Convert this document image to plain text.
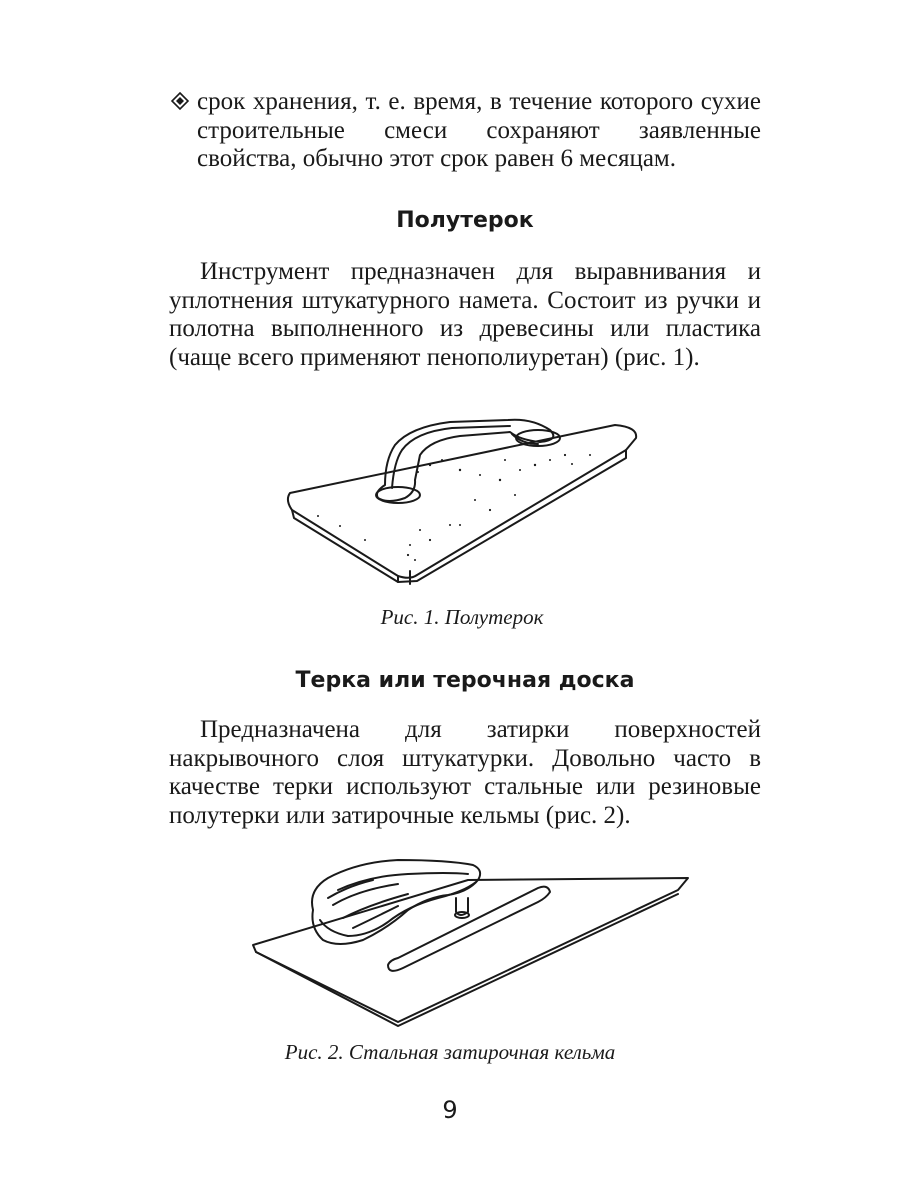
срок хранения, т. е. время, в течение которого сухие строительные смеси сохраняют заявленные свойства, обычно этот срок равен 6 месяцам.

Полутерок

Инструмент предназначен для выравнивания и уплотнения штукатурного намета. Состоит из ручки и полотна выполненного из древесины или пластика (чаще всего применяют пенополиуретан) (рис. 1).

Рис. 1. Полутерок
Терка или терочная доска

Предназначена для затирки поверхностей накрывочного слоя штукатурки. Довольно часто в качестве терки используют стальные или резиновые полутерки или затирочные кельмы (рис. 2).

Рис. 2. Стальная затирочная кельма
9
